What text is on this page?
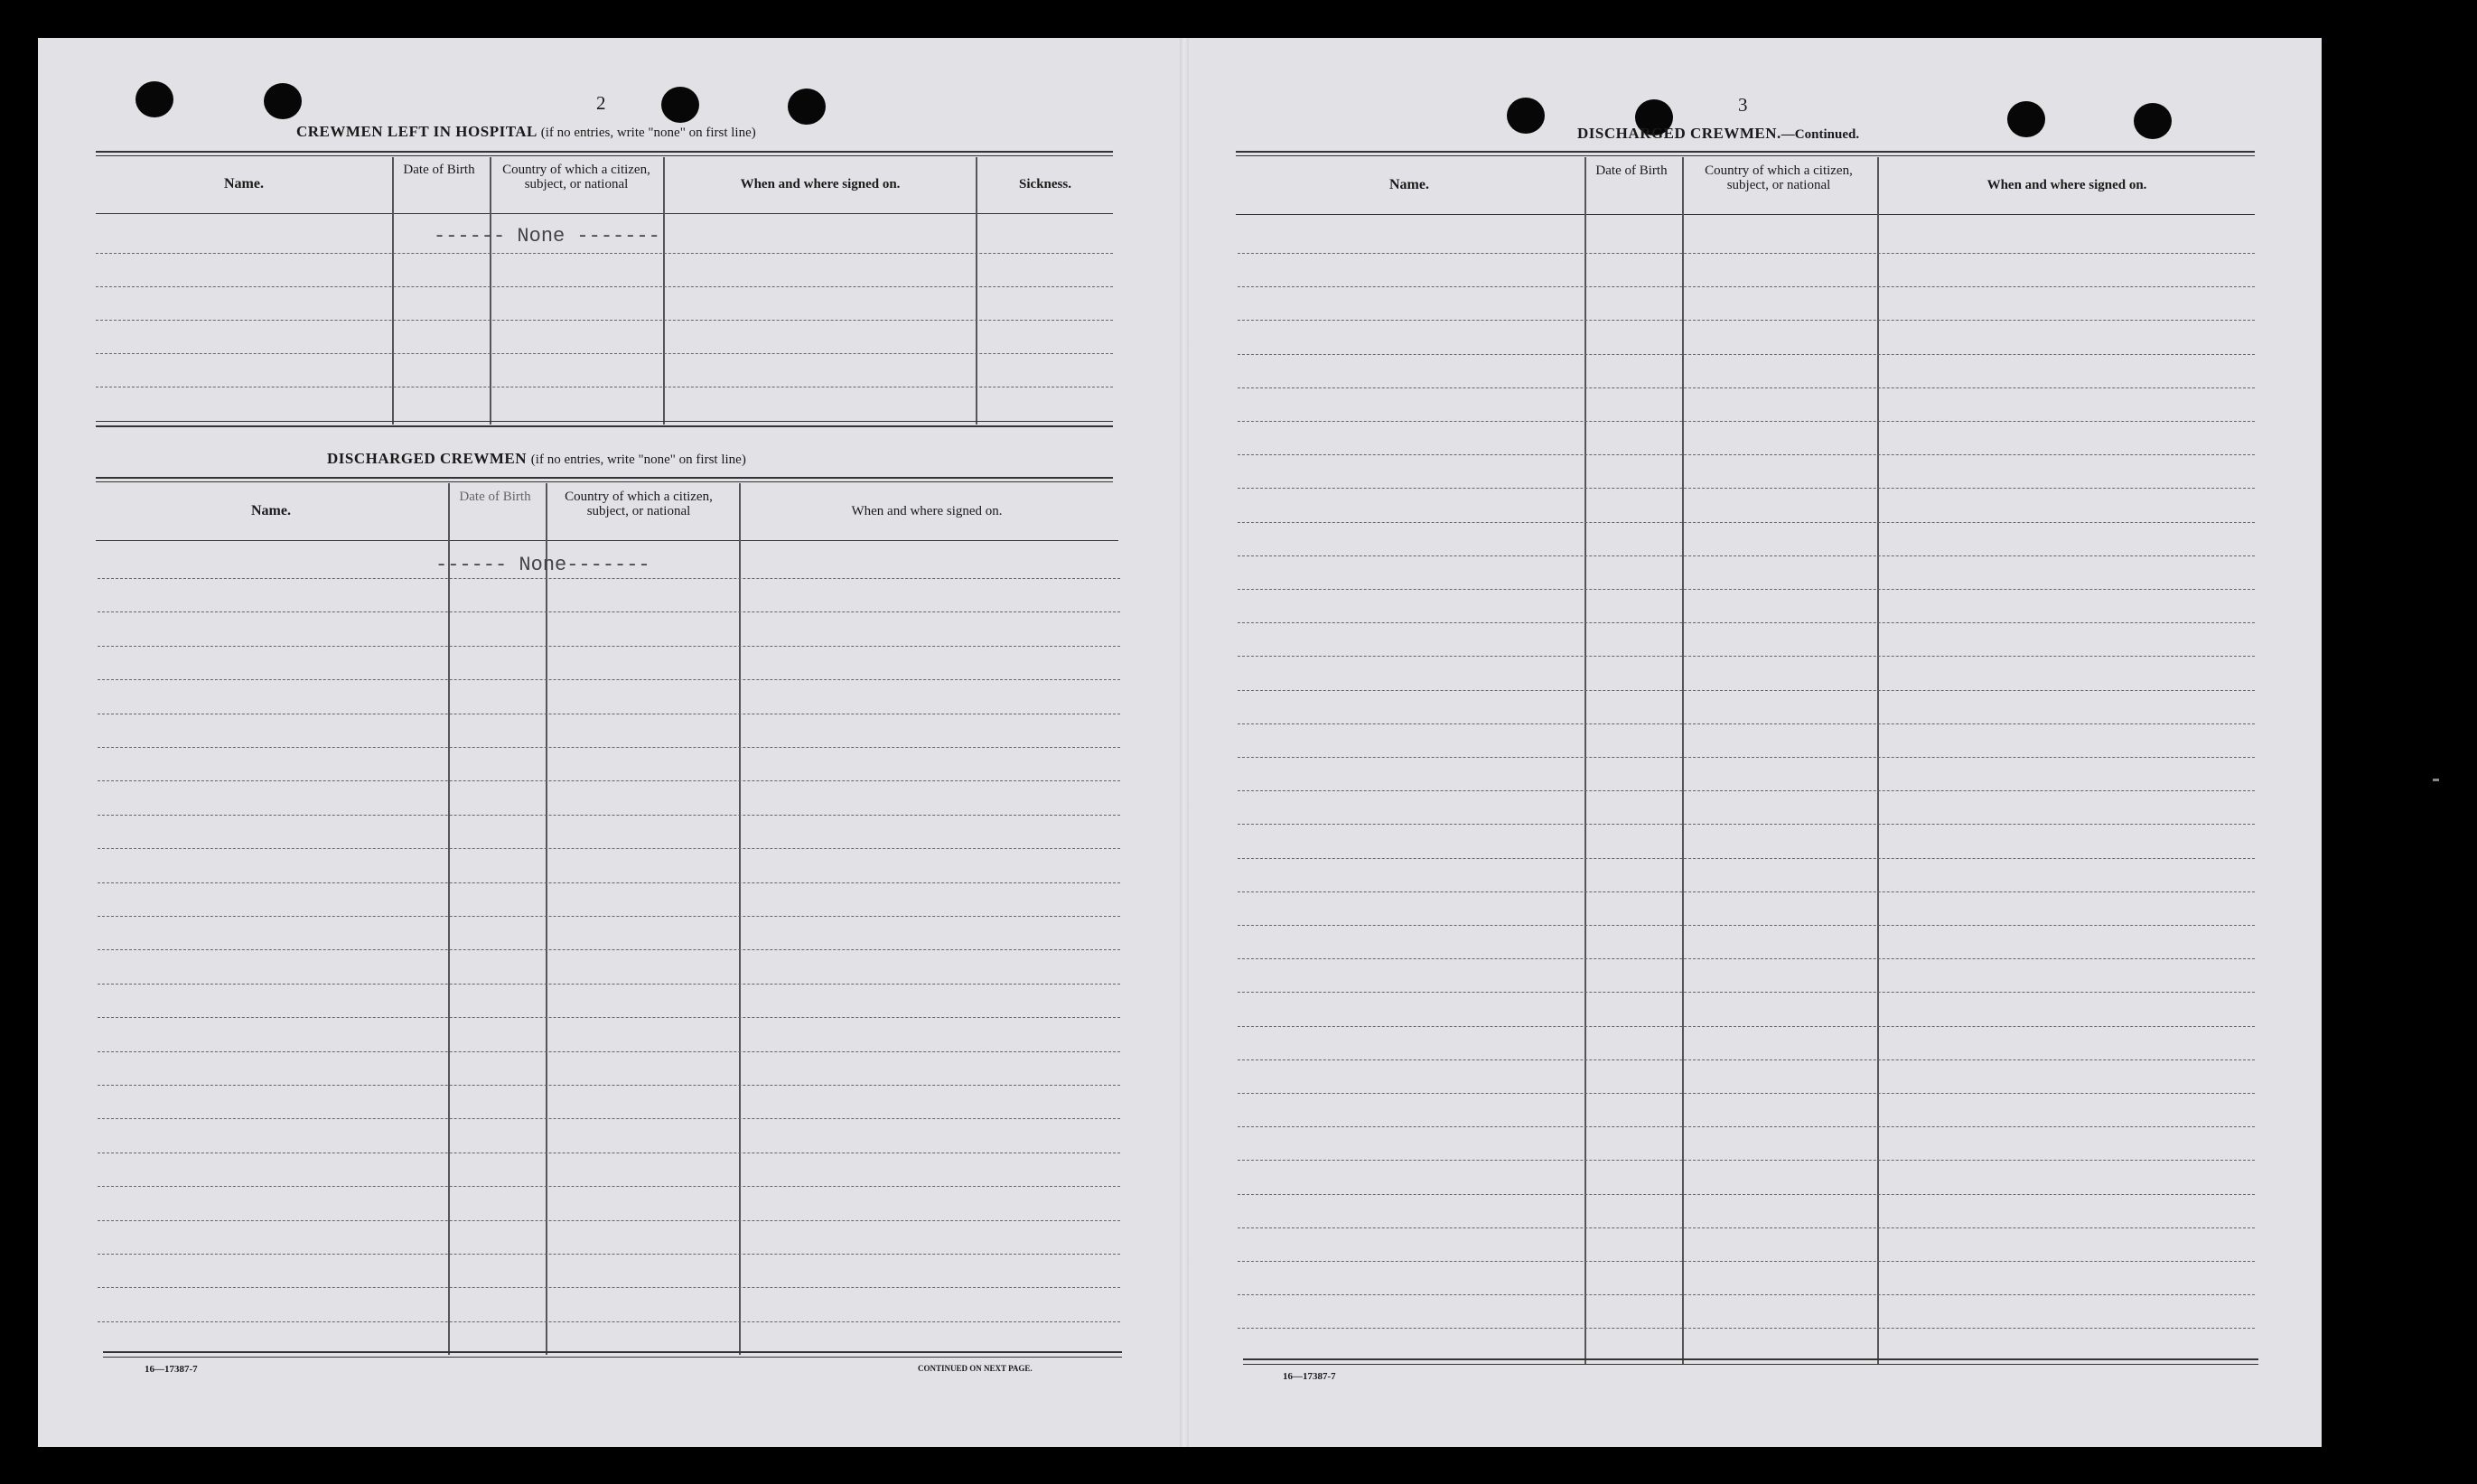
2
CREWMEN LEFT IN HOSPITAL (if no entries, write "none" on first line)
Name.
Date of Birth	Country of which a citizen, subject, or national	When and where signed on.	Sickness.
------ None -------
DISCHARGED CREWMEN (if no entries, write "none" on first line)
Name.
Date of Birth	Country of which a citizen, subject, or national	When and where signed on.
------ None-------
16—17387-7	CONTINUED ON NEXT PAGE.
3
DISCHARGED CREWMEN.—Continued.
Name.
Date of Birth	Country of which a citizen, subject, or national	When and where signed on.
16—17387-7
